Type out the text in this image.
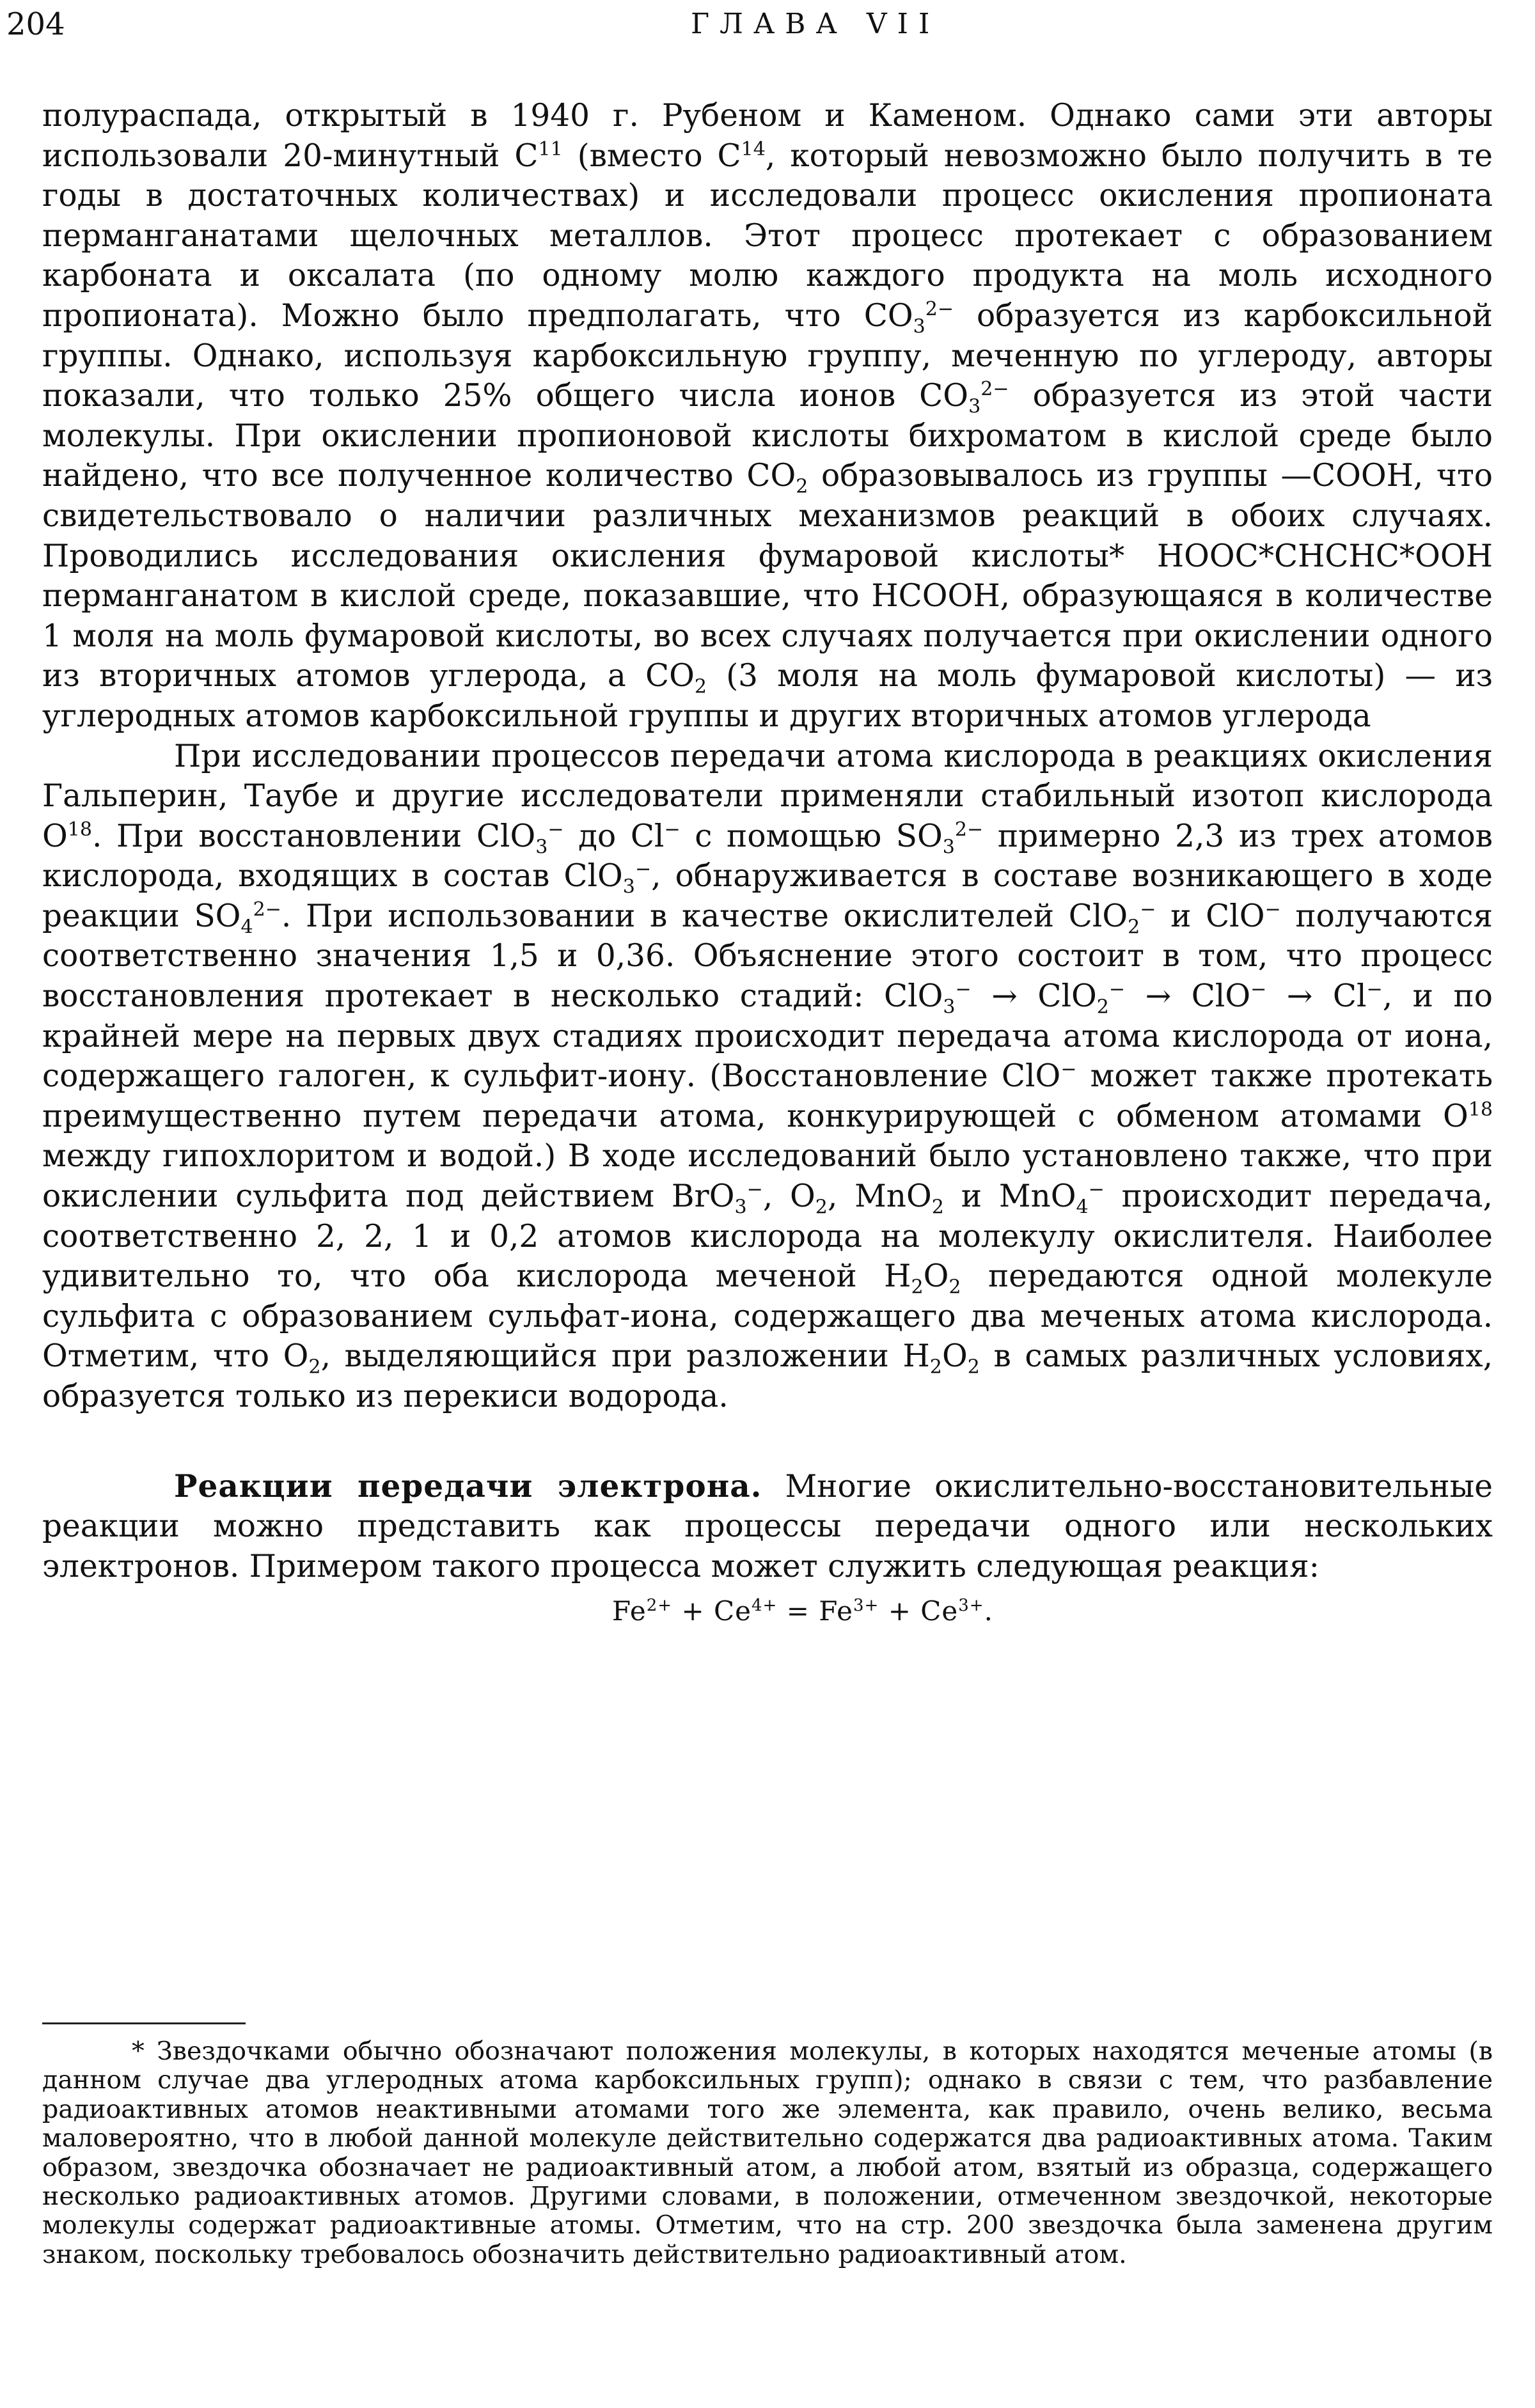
204	ГЛАВА VII

полураспада, открытый в 1940 г. Рубеном и Каменом. Однако сами эти авторы использовали 20-минутный $C^{11}$ (вместо $C^{14}$, который невозможно было получить в те годы в достаточных количествах) и исследовали процесс окисления пропионата перманганатами щелочных металлов. Этот процесс протекает с образованием карбоната и оксалата (по одному молю каждого продукта на моль исходного пропионата). Можно было предполагать, что $CO_3^{2-}$ образуется из карбоксильной группы. Однако, используя карбоксильную группу, меченную по углероду, авторы показали, что только 25% общего числа ионов $CO_3^{2-}$ образуется из этой части молекулы. При окислении пропионовой кислоты бихроматом в кислой среде было найдено, что все полученное количество $CO_2$ образовывалось из группы —COOH, что свидетельствовало о наличии различных механизмов реакций в обоих случаях. Проводились исследования окисления фумаровой кислоты* HOOC*CHCHC*OOH перманганатом в кислой среде, показавшие, что HCOOH, образующаяся в количестве 1 моля на моль фумаровой кислоты, во всех случаях получается при окислении одного из вторичных атомов углерода, а $CO_2$ (3 моля на моль фумаровой кислоты) — из углеродных атомов карбоксильной группы и других вторичных атомов углерода

При исследовании процессов передачи атома кислорода в реакциях окисления Гальперин, Таубе и другие исследователи применяли стабильный изотоп кислорода $O^{18}$. При восстановлении ClO$_3$− до Cl− с помощью $SO_3^{2-}$ примерно 2,3 из трех атомов кислорода, входящих в состав ClO$_3$−, обнаруживается в составе возникающего в ходе реакции $SO_4^{2-}$. При использовании в качестве окислителей ClO$_2$− и ClO− получаются соответственно значения 1,5 и 0,36. Объяснение этого состоит в том, что процесс восстановления протекает в несколько стадий: ClO$_3$− → ClO$_2$− → ClO− → Cl−, и по крайней мере на первых двух стадиях происходит передача атома кислорода от иона, содержащего галоген, к сульфит-иону. (Восстановление ClO− может также протекать преимущественно путем передачи атома, конкурирующей с обменом атомами $O^{18}$ между гипохлоритом и водой.) В ходе исследований было установлено также, что при окислении сульфита под действием BrO$_3$−, $O_2$, MnO$_2$ и MnO$_4$− происходит передача, соответственно 2, 2, 1 и 0,2 атомов кислорода на молекулу окислителя. Наиболее удивительно то, что оба кислорода меченой $H_2O_2$ передаются одной молекуле сульфита с образованием сульфат-иона, содержащего два меченых атома кислорода. Отметим, что $O_2$, выделяющийся при разложении $H_2O_2$ в самых различных условиях, образуется только из перекиси водорода.

Реакции передачи электрона. Многие окислительно-восстановительные реакции можно представить как процессы передачи одного или нескольких электронов. Примером такого процесса может служить следующая реакция:

$Fe^{2+} + Ce^{4+} = Fe^{3+} + Ce^{3+}$.

* Звездочками обычно обозначают положения молекулы, в которых находятся меченые атомы (в данном случае два углеродных атома карбоксильных групп); однако в связи с тем, что разбавление радиоактивных атомов неактивными атомами того же элемента, как правило, очень велико, весьма маловероятно, что в любой данной молекуле действительно содержатся два радиоактивных атома. Таким образом, звездочка обозначает не радиоактивный атом, а любой атом, взятый из образца, содержащего несколько радиоактивных атомов. Другими словами, в положении, отмеченном звездочкой, некоторые молекулы содержат радиоактивные атомы. Отметим, что на стр. 200 звездочка была заменена другим знаком, поскольку требовалось обозначить действительно радиоактивный атом.
